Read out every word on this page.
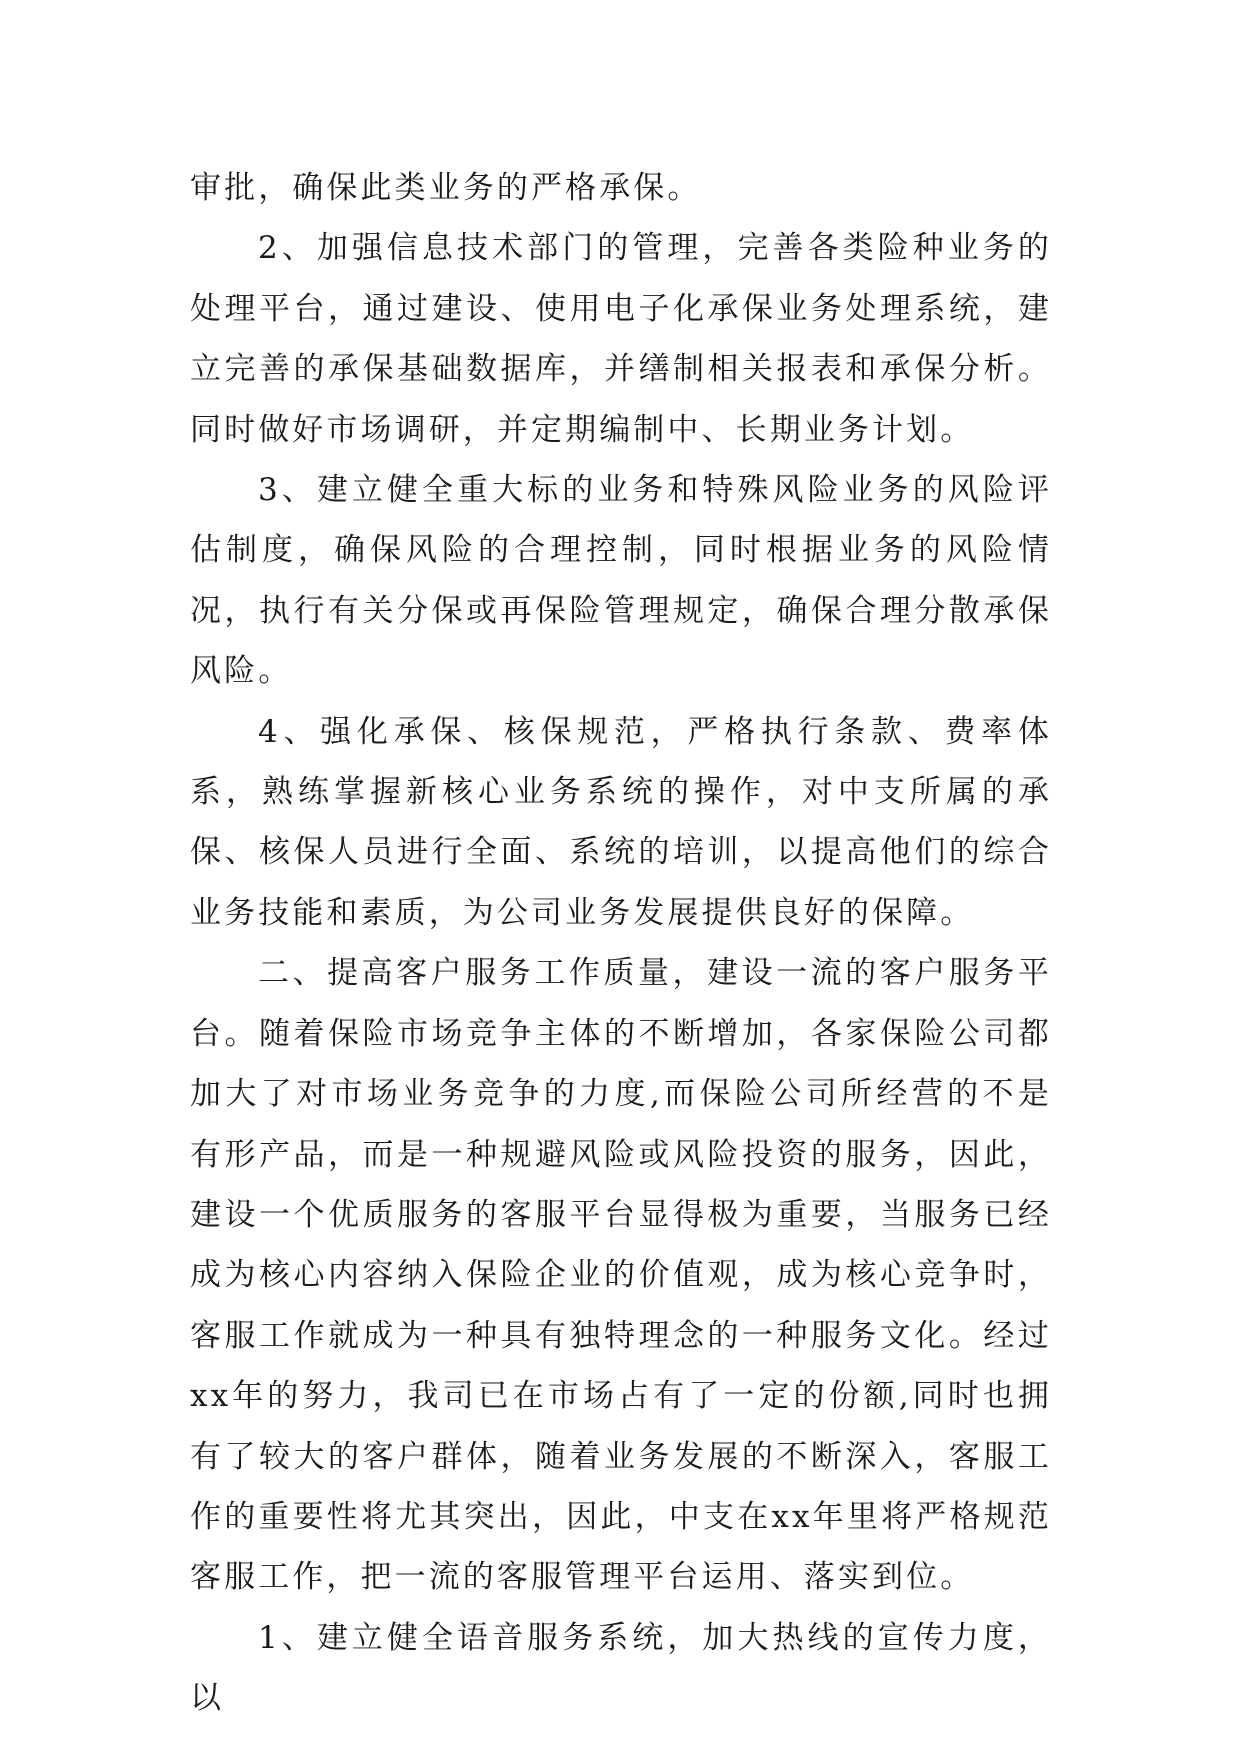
审批，确保此类业务的严格承保。

2、加强信息技术部门的管理，完善各类险种业务的处理平台，通过建设、使用电子化承保业务处理系统，建立完善的承保基础数据库，并缮制相关报表和承保分析。同时做好市场调研，并定期编制中、长期业务计划。

3、建立健全重大标的业务和特殊风险业务的风险评估制度，确保风险的合理控制，同时根据业务的风险情况，执行有关分保或再保险管理规定，确保合理分散承保风险。

4、强化承保、核保规范，严格执行条款、费率体系，熟练掌握新核心业务系统的操作，对中支所属的承保、核保人员进行全面、系统的培训，以提高他们的综合业务技能和素质，为公司业务发展提供良好的保障。

二、提高客户服务工作质量，建设一流的客户服务平台。随着保险市场竞争主体的不断增加，各家保险公司都加大了对市场业务竞争的力度,而保险公司所经营的不是有形产品，而是一种规避风险或风险投资的服务，因此，建设一个优质服务的客服平台显得极为重要，当服务已经成为核心内容纳入保险企业的价值观，成为核心竞争时，客服工作就成为一种具有独特理念的一种服务文化。经过xx年的努力，我司已在市场占有了一定的份额,同时也拥有了较大的客户群体，随着业务发展的不断深入，客服工作的重要性将尤其突出，因此，中支在xx年里将严格规范客服工作，把一流的客服管理平台运用、落实到位。

1、建立健全语音服务系统，加大热线的宣传力度，以
